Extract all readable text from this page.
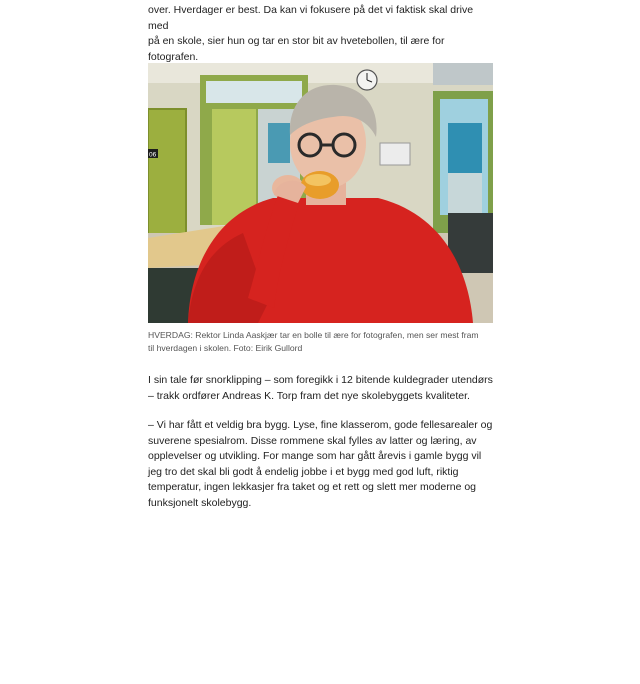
over. Hverdager er best. Da kan vi fokusere på det vi faktisk skal drive med
på en skole, sier hun og tar en stor bit av hvetebollen, til ære for
fotografen.

06
HVERDAG: Rektor Linda Aaskjær tar en bolle til ære for fotografen, men ser mest fram
til hverdagen i skolen. Foto: Eirik Gullord

I sin tale før snorklipping – som foregikk i 12 bitende kuldegrader utendørs
– trakk ordfører Andreas K. Torp fram det nye skolebyggets kvaliteter.

– Vi har fått et veldig bra bygg. Lyse, fine klasserom, gode fellesarealer og
suverene spesialrom. Disse rommene skal fylles av latter og læring, av
opplevelser og utvikling. For mange som har gått årevis i gamle bygg vil
jeg tro det skal bli godt å endelig jobbe i et bygg med god luft, riktig
temperatur, ingen lekkasjer fra taket og et rett og slett mer moderne og

funksjonelt skolebygg.
